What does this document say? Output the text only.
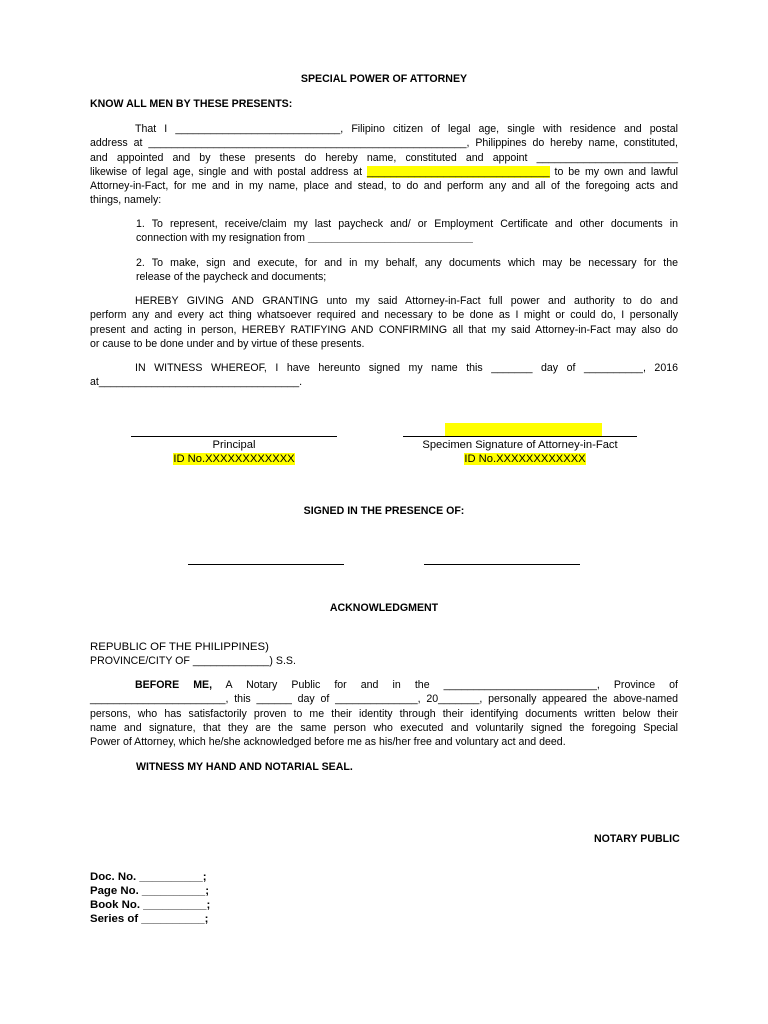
SPECIAL POWER OF ATTORNEY
KNOW ALL MEN BY THESE PRESENTS:
That I ____________________________, Filipino citizen of legal age, single with residence and postal
address at ______________________________________________________, Philippines do hereby name, constituted,
and appointed and by these presents do hereby name, constituted and appoint ________________________
likewise of legal age, single and with postal address at _______________________________ to be my own and lawful
Attorney-in-Fact, for me and in my name, place and stead, to do and perform any and all of the foregoing acts and
things, namely:
1. To represent, receive/claim my last paycheck and/ or Employment Certificate and other documents in
connection with my resignation from ____________________________
2. To make, sign and execute, for and in my behalf, any documents which may be necessary for the
release of the paycheck and documents;
HEREBY GIVING AND GRANTING unto my said Attorney-in-Fact full power and authority to do and
perform any and every act thing whatsoever required and necessary to be done as I might or could do, I personally
present and acting in person, HEREBY RATIFYING AND CONFIRMING all that my said Attorney-in-Fact may also do
or cause to be done under and by virtue of these presents.
IN WITNESS WHEREOF, I have hereunto signed my name this _______ day of __________, 2016
at__________________________________.
Principal	Specimen Signature of Attorney-in-Fact
ID No.XXXXXXXXXXXX	ID No.XXXXXXXXXXXX
SIGNED IN THE PRESENCE OF:
ACKNOWLEDGMENT
REPUBLIC OF THE PHILIPPINES)
PROVINCE/CITY OF _____________) S.S.
BEFORE ME, A Notary Public for and in the __________________________, Province of
_______________________, this ______ day of ______________, 20_______, personally appeared the above-named
persons, who has satisfactorily proven to me their identity through their identifying documents written below their
name and signature, that they are the same person who executed and voluntarily signed the foregoing Special
Power of Attorney, which he/she acknowledged before me as his/her free and voluntary act and deed.
WITNESS MY HAND AND NOTARIAL SEAL.
NOTARY PUBLIC
Doc. No. __________;
Page No. __________;
Book No. __________;
Series of __________;
